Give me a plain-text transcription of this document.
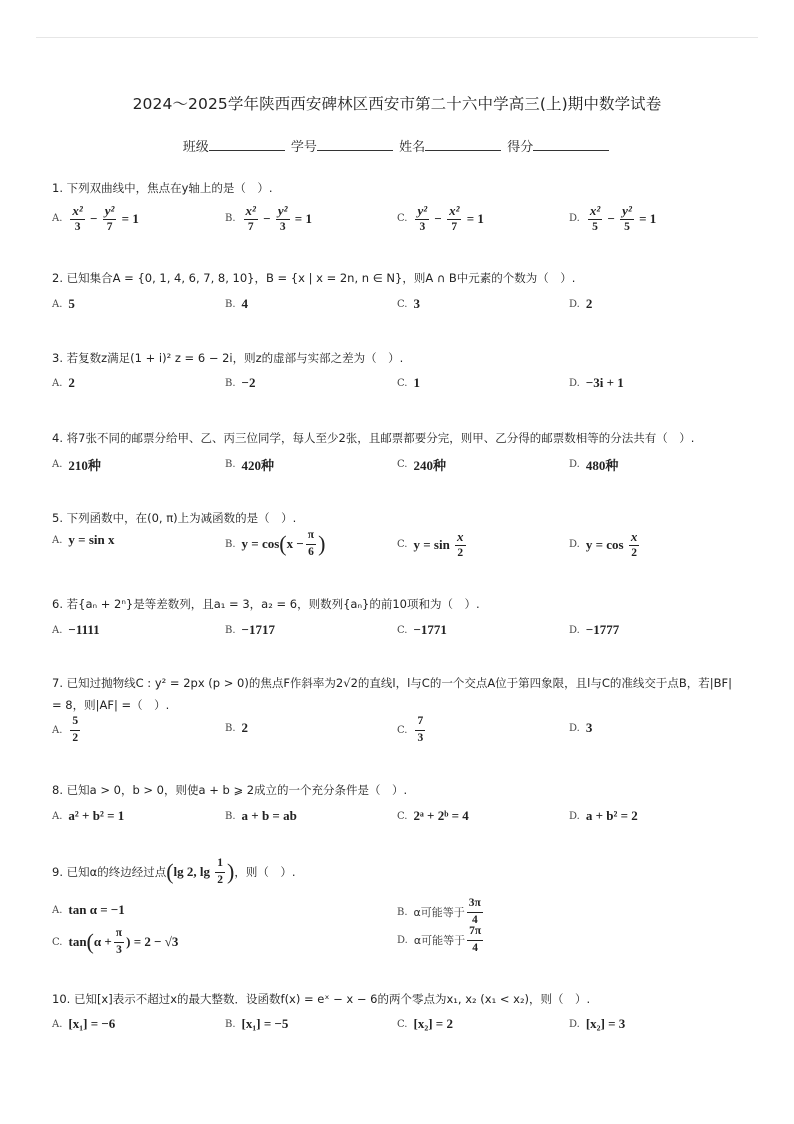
2024～2025学年陕西西安碑林区西安市第二十六中学高三(上)期中数学试卷
班级	学号	姓名	得分
1. 下列双曲线中，焦点在y轴上的是（　）.
A. $\frac{\text{x²}}{3} - \frac{\text{y²}}{7} = 1$	B. $\frac{\text{x²}}{7} - \frac{\text{y²}}{3} = 1$	C. $\frac{\text{y²}}{3} - \frac{\text{x²}}{7} = 1$	D. $\frac{\text{x²}}{5} - \frac{\text{y²}}{5} = 1$
2. 已知集合A = {0, 1, 4, 6, 7, 8, 10}，B = {x | x = 2n, n ∈ N}，则A ∩ B中元素的个数为（　）.
A. 5	B. 4	C. 3	D. 2
3. 若复数z满足(1 + i)² z = 6 − 2i，则z的虚部与实部之差为（　）.
A. 2	B. −2	C. 1	D. −3i + 1
4. 将7张不同的邮票分给甲、乙、丙三位同学，每人至少2张，且邮票都要分完，则甲、乙分得的邮票数相等的分法共有（　）.
A. 210种	B. 420种	C. 240种	D. 480种
5. 下列函数中，在(0, π)上为减函数的是（　）.
A. y = sin x	B. y = cos ( $x - \frac{\pi}{6}$ )	C. $y = \sin \frac{x}{2}$	D. $y = \cos \frac{x}{2}$
6. 若{aₙ + 2ⁿ}是等差数列，且a₁ = 3，a₂ = 6，则数列{aₙ}的前10项和为（　）.
A. −1111	B. −1717	C. −1771	D. −1777
7. 已知过抛物线C : y² = 2px (p > 0)的焦点F作斜率为2√2的直线l，l与C的一个交点A位于第四象限，且l与C的准线交于点B，若|BF| = 8，则|AF| =（　）.
A. $\frac{5}{2}$	B. 2	C. $\frac{7}{3}$	D. 3
8. 已知a > 0，b > 0，则使a + b ⩾ 2成立的一个充分条件是（　）.
A. a² + b² = 1	B. a + b = ab	C. 2ᵃ + 2ᵇ = 4	D. a + b² = 2
9. 已知α的终边经过点 ( lg 2, $\lg \frac{1}{2}$ ) ，则（　）.
A. tan α = −1	B. α可能等于 $\frac{3\pi}{4}$
C. tan ( $\alpha + \frac{\pi}{3}$ ) = 2 − √3	D. α可能等于 $\frac{7\pi}{4}$
10. 已知[x]表示不超过x的最大整数．设函数f(x) = eˣ − x − 6的两个零点为x₁, x₂ (x₁ < x₂)，则（　）.
A. [x₁] = −6	B. [x₁] = −5	C. [x₂] = 2	D. [x₂] = 3
